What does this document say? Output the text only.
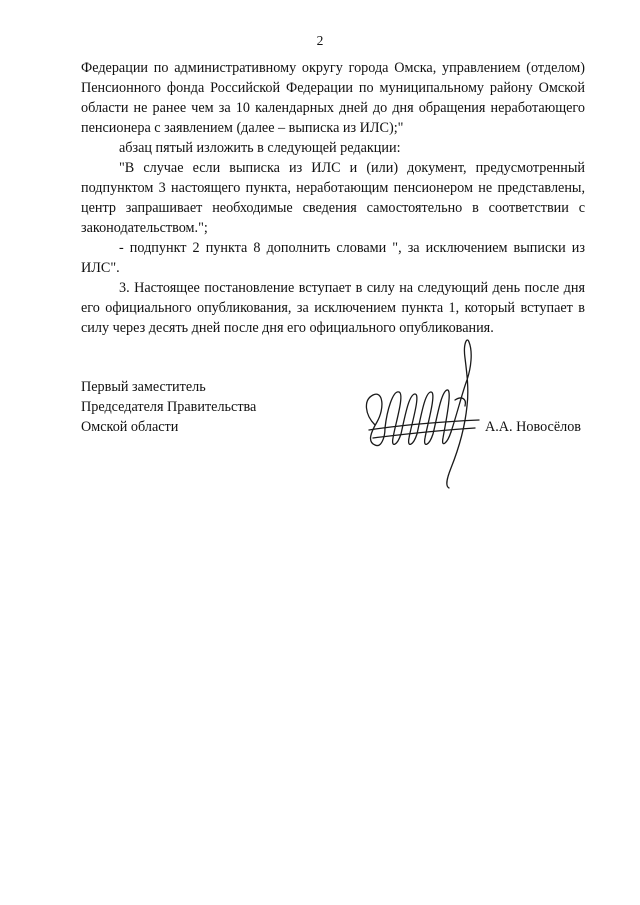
2

Федерации по административному округу города Омска, управлением (отделом) Пенсионного фонда Российской Федерации по муниципальному району Омской области не ранее чем за 10 календарных дней до дня обращения неработающего пенсионера с заявлением (далее – выписка из ИЛС);"

абзац пятый изложить в следующей редакции:

"В случае если выписка из ИЛС и (или) документ, предусмотренный подпунктом 3 настоящего пункта, неработающим пенсионером не представлены, центр запрашивает необходимые сведения самостоятельно в соответствии с законодательством.";

- подпункт 2 пункта 8 дополнить словами ", за исключением выписки из ИЛС".

3. Настоящее постановление вступает в силу на следующий день после дня его официального опубликования, за исключением пункта 1, который вступает в силу через десять дней после дня его официального опубликования.

Первый заместитель
Председателя Правительства
Омской области	А.А. Новосёлов
